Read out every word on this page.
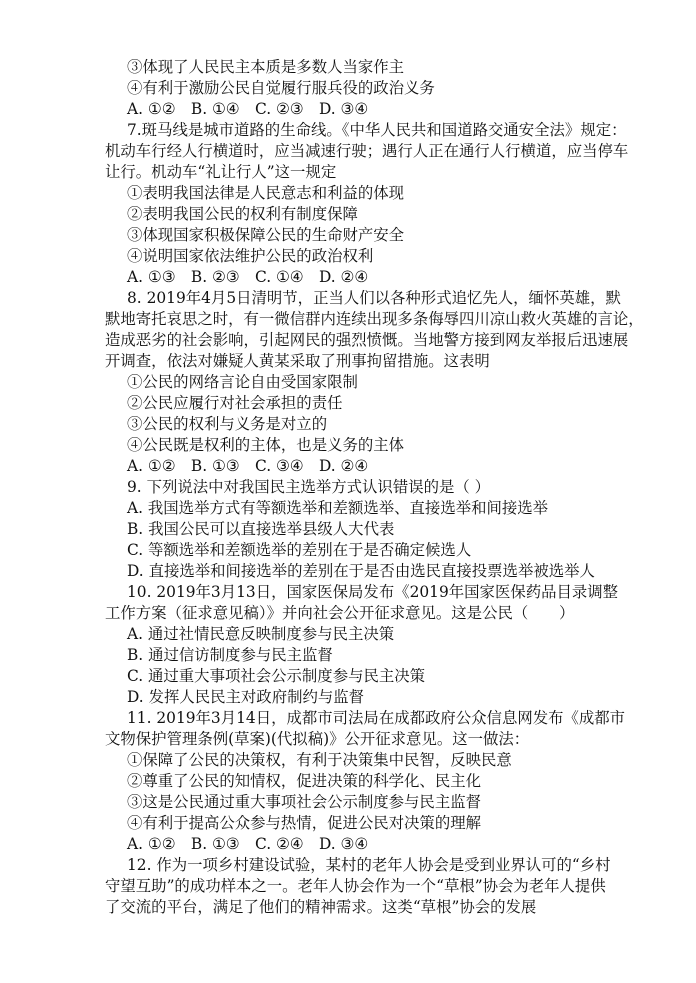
③体现了人民民主本质是多数人当家作主
④有利于激励公民自觉履行服兵役的政治义务
A. ①②　B. ①④　C. ②③　D. ③④
7.斑马线是城市道路的生命线。《中华人民共和国道路交通安全法》规定：
机动车行经人行横道时，应当减速行驶；遇行人正在通行人行横道，应当停车
让行。机动车“礼让行人”这一规定
①表明我国法律是人民意志和利益的体现
②表明我国公民的权利有制度保障
③体现国家积极保障公民的生命财产安全
④说明国家依法维护公民的政治权利
A. ①③　B. ②③　C. ①④　D. ②④
8. 2019年4月5日清明节，正当人们以各种形式追忆先人，缅怀英雄，默
默地寄托哀思之时，有一微信群内连续出现多条侮辱四川凉山救火英雄的言论，
造成恶劣的社会影响，引起网民的强烈愤慨。当地警方接到网友举报后迅速展
开调查，依法对嫌疑人黄某采取了刑事拘留措施。这表明
①公民的网络言论自由受国家限制
②公民应履行对社会承担的责任
③公民的权利与义务是对立的
④公民既是权利的主体，也是义务的主体
A. ①②　B. ①③　C. ③④　D. ②④
9. 下列说法中对我国民主选举方式认识错误的是（ ）
A. 我国选举方式有等额选举和差额选举、直接选举和间接选举
B. 我国公民可以直接选举县级人大代表
C. 等额选举和差额选举的差别在于是否确定候选人
D. 直接选举和间接选举的差别在于是否由选民直接投票选举被选举人
10. 2019年3月13日，国家医保局发布《2019年国家医保药品目录调整
工作方案（征求意见稿）》并向社会公开征求意见。这是公民（　　）
A. 通过社情民意反映制度参与民主决策
B. 通过信访制度参与民主监督
C. 通过重大事项社会公示制度参与民主决策
D. 发挥人民民主对政府制约与监督
11. 2019年3月14日，成都市司法局在成都政府公众信息网发布《成都市
文物保护管理条例(草案)(代拟稿)》公开征求意见。这一做法：
①保障了公民的决策权，有利于决策集中民智，反映民意
②尊重了公民的知情权，促进决策的科学化、民主化
③这是公民通过重大事项社会公示制度参与民主监督
④有利于提高公众参与热情，促进公民对决策的理解
A. ①②　B. ①③　C. ②④　D. ③④
12. 作为一项乡村建设试验，某村的老年人协会是受到业界认可的“乡村
守望互助”的成功样本之一。老年人协会作为一个“草根”协会为老年人提供
了交流的平台，满足了他们的精神需求。这类“草根”协会的发展
